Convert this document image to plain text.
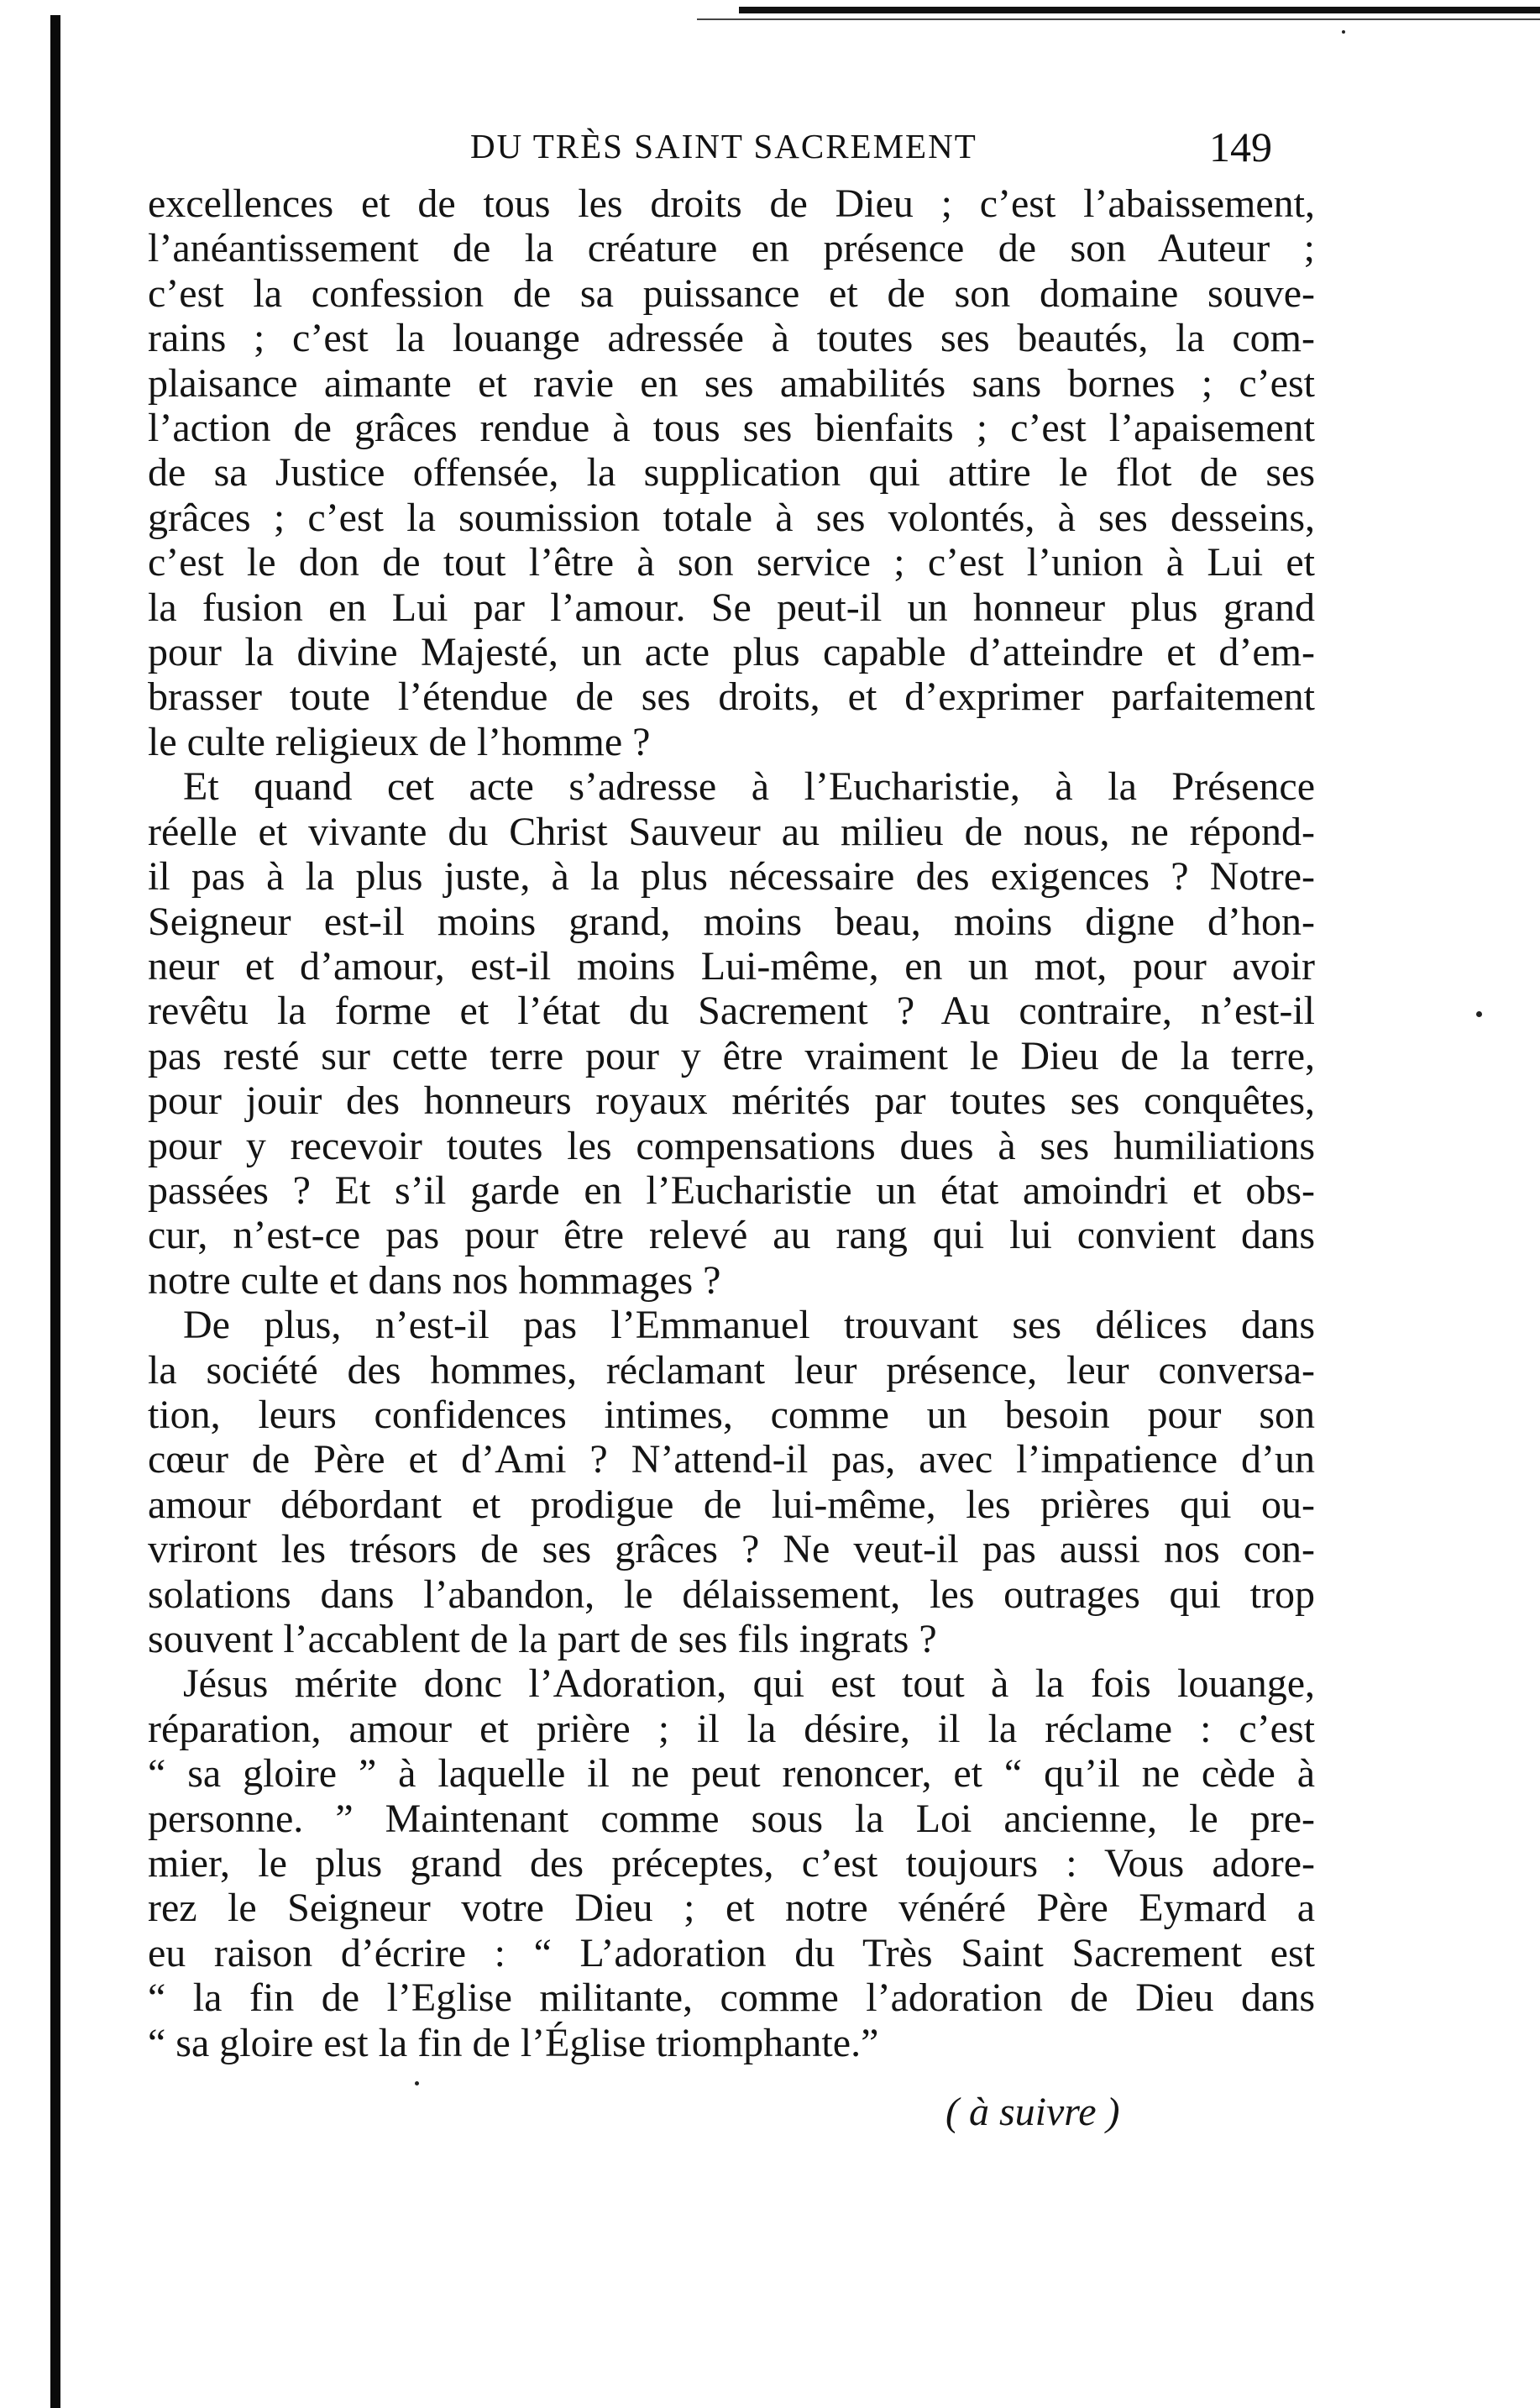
DU TRÈS SAINT SACREMENT	149
excellences et de tous les droits de Dieu ; c’est l’abaissement,
l’anéantissement de la créature en présence de son Auteur ;
c’est la confession de sa puissance et de son domaine souve-
rains ; c’est la louange adressée à toutes ses beautés, la com-
plaisance aimante et ravie en ses amabilités sans bornes ; c’est
l’action de grâces rendue à tous ses bienfaits ; c’est l’apaisement
de sa Justice offensée, la supplication qui attire le flot de ses
grâces ; c’est la soumission totale à ses volontés, à ses desseins,
c’est le don de tout l’être à son service ; c’est l’union à Lui et
la fusion en Lui par l’amour. Se peut-il un honneur plus grand
pour la divine Majesté, un acte plus capable d’atteindre et d’em-
brasser toute l’étendue de ses droits, et d’exprimer parfaitement
le culte religieux de l’homme ?
Et quand cet acte s’adresse à l’Eucharistie, à la Présence
réelle et vivante du Christ Sauveur au milieu de nous, ne répond-
il pas à la plus juste, à la plus nécessaire des exigences ? Notre-
Seigneur est-il moins grand, moins beau, moins digne d’hon-
neur et d’amour, est-il moins Lui-même, en un mot, pour avoir
revêtu la forme et l’état du Sacrement ? Au contraire, n’est-il
pas resté sur cette terre pour y être vraiment le Dieu de la terre,
pour jouir des honneurs royaux mérités par toutes ses conquêtes,
pour y recevoir toutes les compensations dues à ses humiliations
passées ? Et s’il garde en l’Eucharistie un état amoindri et obs-
cur, n’est-ce pas pour être relevé au rang qui lui convient dans
notre culte et dans nos hommages ?
De plus, n’est-il pas l’Emmanuel trouvant ses délices dans
la société des hommes, réclamant leur présence, leur conversa-
tion, leurs confidences intimes, comme un besoin pour son
cœur de Père et d’Ami ? N’attend-il pas, avec l’impatience d’un
amour débordant et prodigue de lui-même, les prières qui ou-
vriront les trésors de ses grâces ? Ne veut-il pas aussi nos con-
solations dans l’abandon, le délaissement, les outrages qui trop
souvent l’accablent de la part de ses fils ingrats ?
Jésus mérite donc l’Adoration, qui est tout à la fois louange,
réparation, amour et prière ; il la désire, il la réclame : c’est
“ sa gloire ” à laquelle il ne peut renoncer, et “ qu’il ne cède à
personne. ” Maintenant comme sous la Loi ancienne, le pre-
mier, le plus grand des préceptes, c’est toujours : Vous adore-
rez le Seigneur votre Dieu ; et notre vénéré Père Eymard a
eu raison d’écrire : “ L’adoration du Très Saint Sacrement est
“ la fin de l’Eglise militante, comme l’adoration de Dieu dans
“ sa gloire est la fin de l’Église triomphante.”
( à suivre )
